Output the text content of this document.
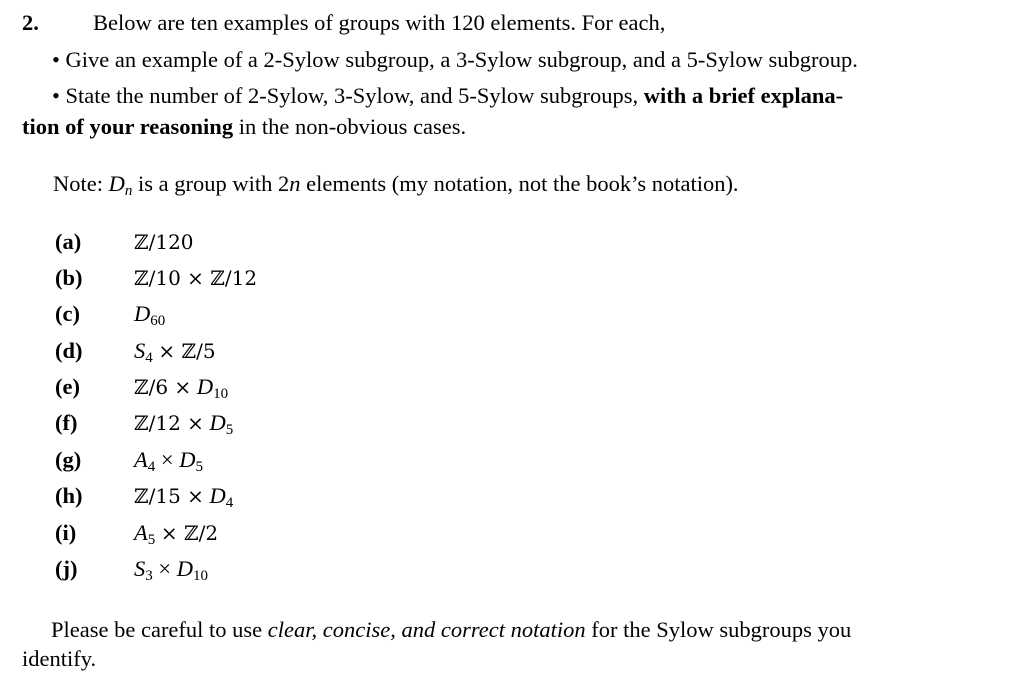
2. Below are ten examples of groups with 120 elements. For each,
• Give an example of a 2-Sylow subgroup, a 3-Sylow subgroup, and a 5-Sylow subgroup.
• State the number of 2-Sylow, 3-Sylow, and 5-Sylow subgroups, with a brief explana-
tion of your reasoning in the non-obvious cases.
Note: $D_n$ is a group with 2n elements (my notation, not the book’s notation).
(a)	ℤ/120
(b)	ℤ/10 × ℤ/12
(c) $D_{60}$
(d) $S_4$ × ℤ/5
(e)	ℤ/6 × $D_{10}$
(f)	ℤ/12 × $D_5$
(g) $A_4 \times D_5$
(h)	ℤ/15 × $D_4$
(i)	$A_5$ × ℤ/2
(j)	$S_3 \times D_{10}$
Please be careful to use clear, concise, and correct notation for the Sylow subgroups you
identify.
